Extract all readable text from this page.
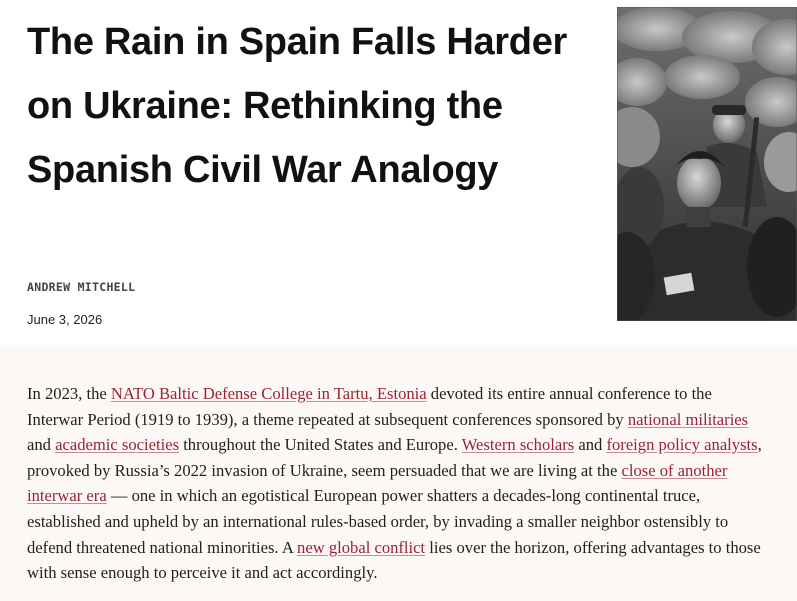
The Rain in Spain Falls Harder on Ukraine: Rethinking the Spanish Civil War Analogy

ANDREW MITCHELL

June 3, 2026

In 2023, the NATO Baltic Defense College in Tartu, Estonia devoted its entire annual conference to the Interwar Period (1919 to 1939), a theme repeated at subsequent conferences sponsored by national militaries and academic societies throughout the United States and Europe. Western scholars and foreign policy analysts, provoked by Russia’s 2022 invasion of Ukraine, seem persuaded that we are living at the close of another interwar era — one in which an egotistical European power shatters a decades-long continental truce, established and upheld by an international rules-based order, by invading a smaller neighbor ostensibly to defend threatened national minorities. A new global conflict lies over the horizon, offering advantages to those with sense enough to perceive it and act accordingly.
